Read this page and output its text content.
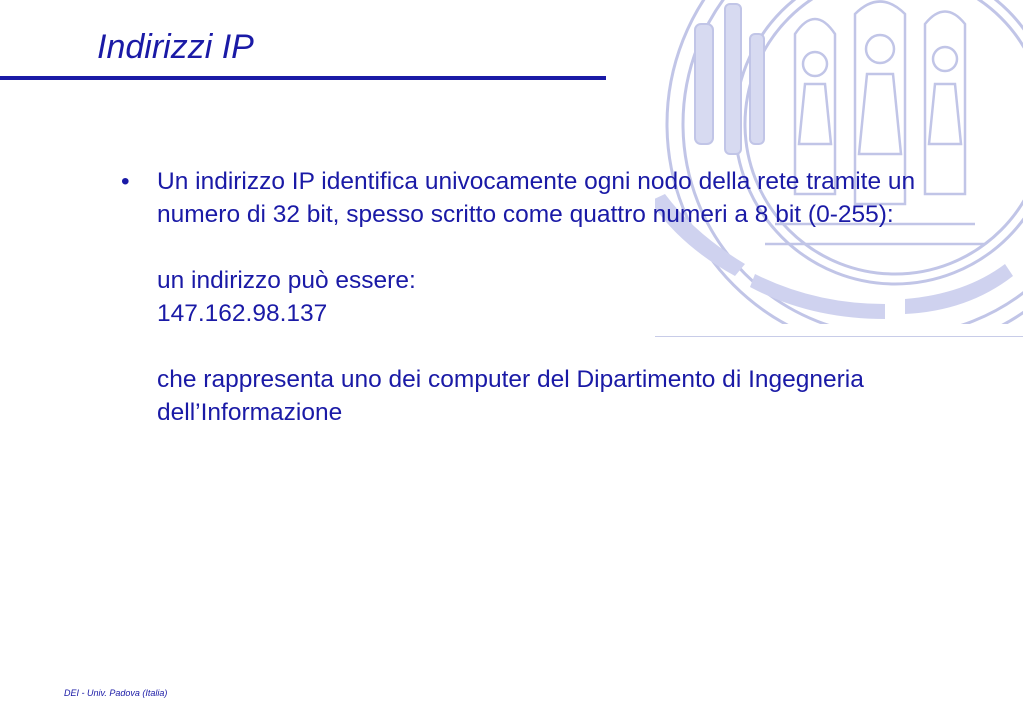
Indirizzi IP
• Un indirizzo IP identifica univocamente ogni nodo della rete tramite un numero di 32 bit, spesso scritto come quattro numeri a 8 bit (0-255):

un indirizzo può essere:

147.162.98.137

che rappresenta uno dei computer del Dipartimento di Ingegneria dell’Informazione

DEI - Univ. Padova (Italia)
